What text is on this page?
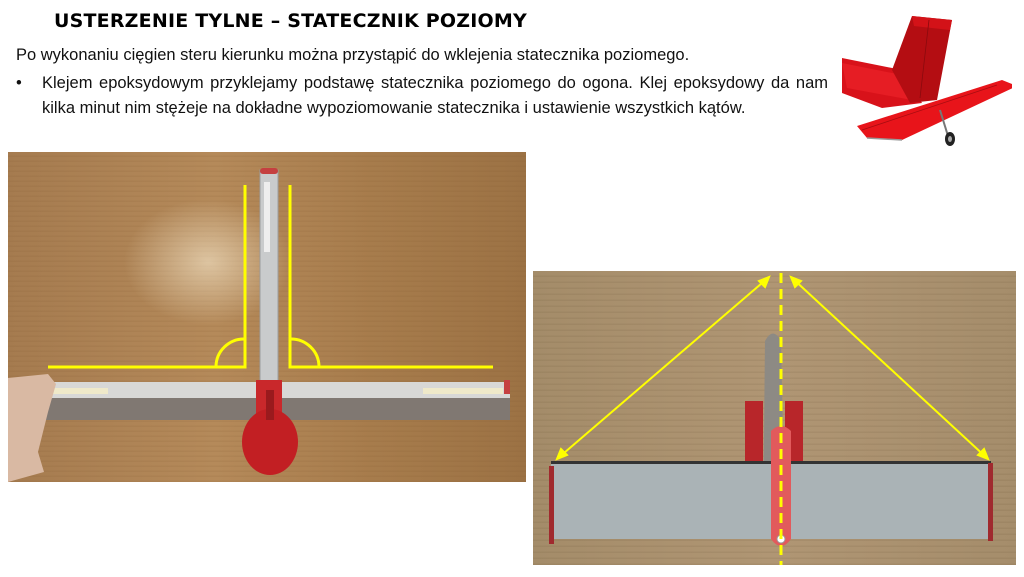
USTERZENIE TYLNE – STATECZNIK POZIOMY
Po wykonaniu cięgien steru kierunku można przystąpić do wklejenia statecznika poziomego.
• Klejem epoksydowym przyklejamy podstawę statecznika poziomego do ogona. Klej epoksydowy da nam kilka minut nim stężeje na dokładne wypoziomowanie statecznika i ustawienie wszystkich kątów.
